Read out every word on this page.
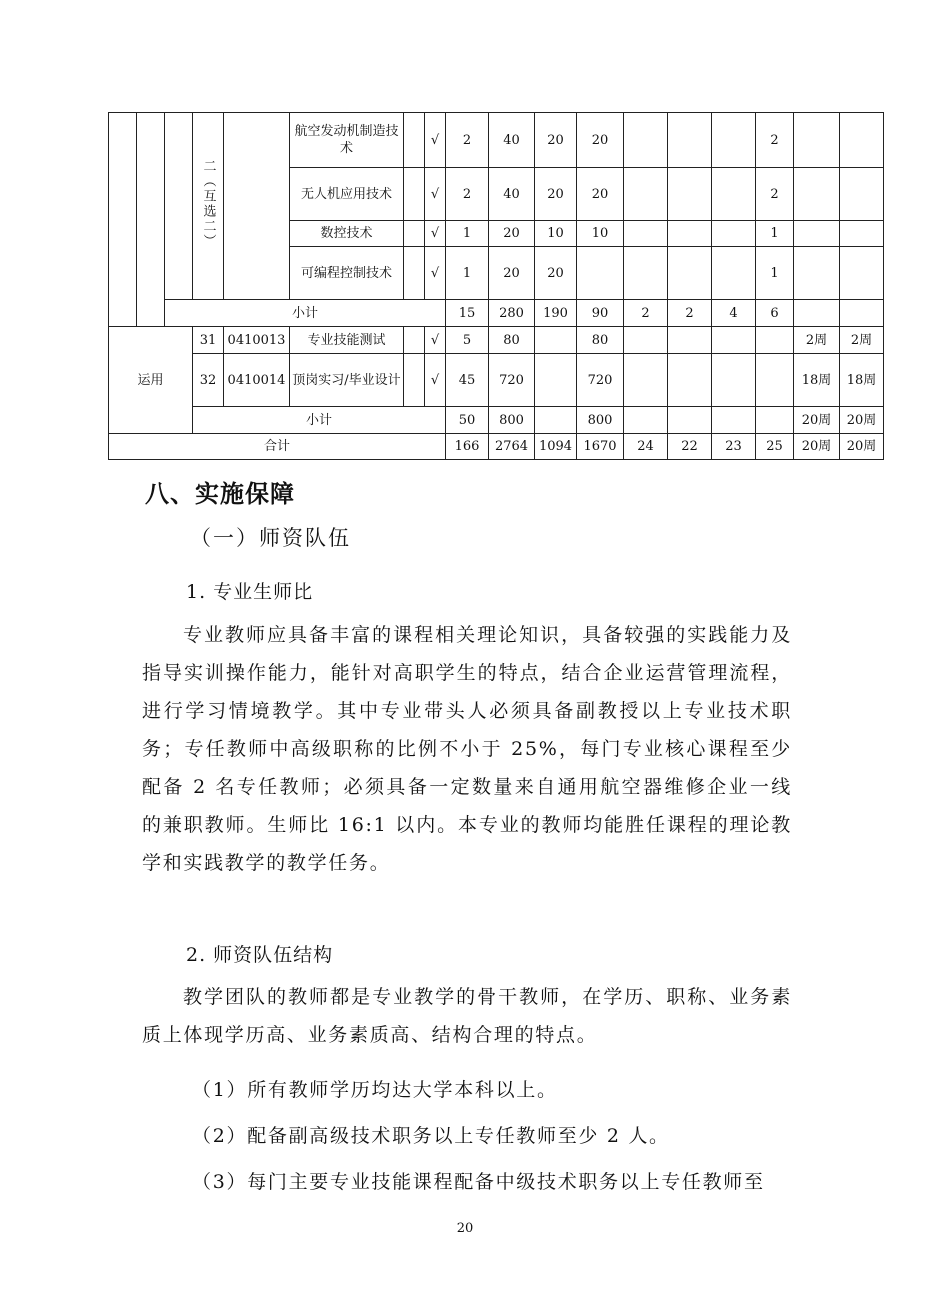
			二（互选二）		航空发动机制造技术		√	2	40	20	20				2		
					无人机应用技术		√	2	40	20	20				2		
					数控技术		√	1	20	10	10				1		
					可编程控制技术		√	1	20	20					1		
		小计						15	280	190	90	2	2	4	6		
运用			31	0410013	专业技能测试		√	5	80		80					2周	2周
			32	0410014	顶岗实习/毕业设计		√	45	720		720					18周	18周
			小计					50	800		800					20周	20周
合计								166	2764	1094	1670	24	22	23	25	20周	20周
八、实施保障
（一）师资队伍
1. 专业生师比
专业教师应具备丰富的课程相关理论知识，具备较强的实践能力及指导实训操作能力，能针对高职学生的特点，结合企业运营管理流程，进行学习情境教学。其中专业带头人必须具备副教授以上专业技术职务；专任教师中高级职称的比例不小于 25%，每门专业核心课程至少配备 2 名专任教师；必须具备一定数量来自通用航空器维修企业一线的兼职教师。生师比 16:1 以内。本专业的教师均能胜任课程的理论教学和实践教学的教学任务。
2. 师资队伍结构
教学团队的教师都是专业教学的骨干教师，在学历、职称、业务素质上体现学历高、业务素质高、结构合理的特点。
（1）所有教师学历均达大学本科以上。
（2）配备副高级技术职务以上专任教师至少 2 人。
（3）每门主要专业技能课程配备中级技术职务以上专任教师至
20
